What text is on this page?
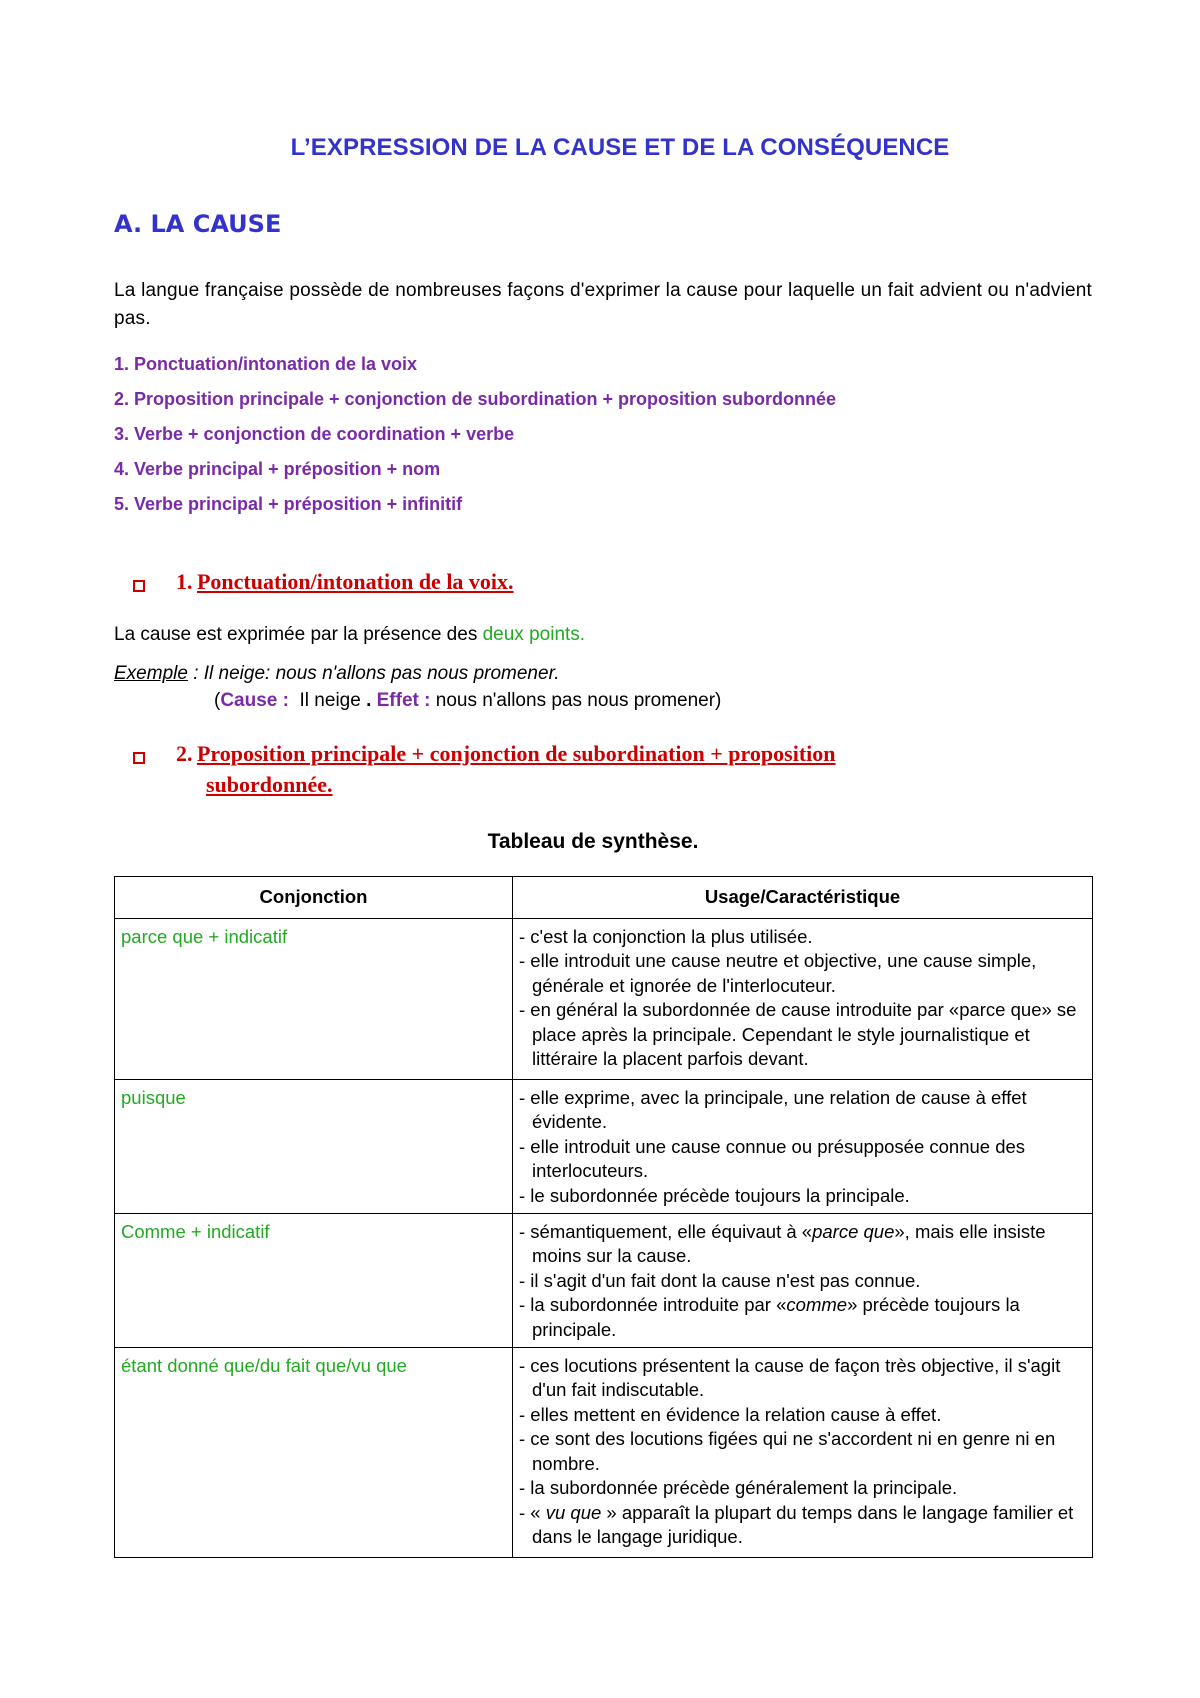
L’EXPRESSION DE LA CAUSE ET DE LA CONSÉQUENCE
A. LA CAUSE
La langue française possède de nombreuses façons d'exprimer la cause pour laquelle un fait advient ou n'advient pas.
1. Ponctuation/intonation de la voix
2. Proposition principale + conjonction de subordination + proposition subordonnée
3. Verbe + conjonction de coordination + verbe
4. Verbe principal + préposition + nom
5. Verbe principal + préposition + infinitif
1. Ponctuation/intonation de la voix.
La cause est exprimée par la présence des deux points.
Exemple : Il neige: nous n'allons pas nous promener.
(Cause :  Il neige . Effet : nous n'allons pas nous promener)
2. Proposition principale + conjonction de subordination + proposition
subordonnée.
Tableau de synthèse.
Conjonction	Usage/Caractéristique
parce que + indicatif	- c'est la conjonction la plus utilisée.
- elle introduit une cause neutre et objective, une cause simple, générale et ignorée de l'interlocuteur.
- en général la subordonnée de cause introduite par «parce que» se place après la principale. Cependant le style journalistique et littéraire la placent parfois devant.

puisque	- elle exprime, avec la principale, une relation de cause à effet évidente.
- elle introduit une cause connue ou présupposée connue des interlocuteurs.
- le subordonnée précède toujours la principale.

Comme + indicatif	- sémantiquement, elle équivaut à «parce que», mais elle insiste moins sur la cause.
- il s'agit d'un fait dont la cause n'est pas connue.
- la subordonnée introduite par «comme» précède toujours la principale.

étant donné que/du fait que/vu que	- ces locutions présentent la cause de façon très objective, il s'agit d'un fait indiscutable.
- elles mettent en évidence la relation cause à effet.
- ce sont des locutions figées qui ne s'accordent ni en genre ni en nombre.
- la subordonnée précède généralement la principale.
- « vu que » apparaît la plupart du temps dans le langage familier et dans le langage juridique.
